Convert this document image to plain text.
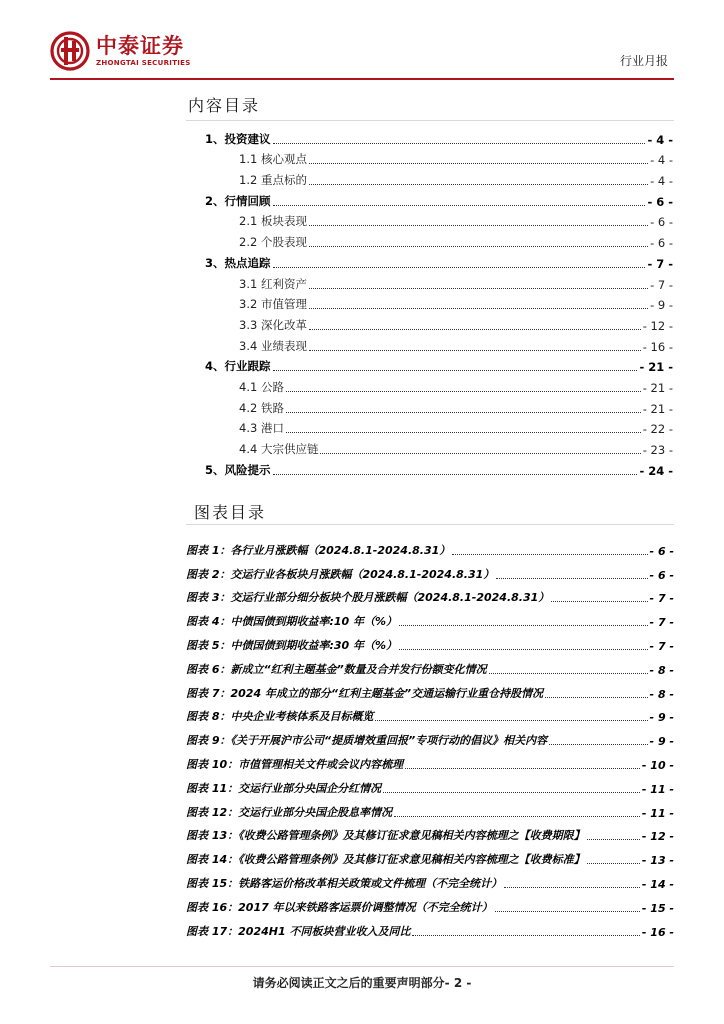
中泰证券
ZHONGTAI SECURITIES	行业月报
内容目录
1、投资建议	- 4 -
1.1 核心观点	- 4 -
1.2 重点标的	- 4 -
2、行情回顾	- 6 -
2.1 板块表现	- 6 -
2.2 个股表现	- 6 -
3、热点追踪	- 7 -
3.1 红利资产	- 7 -
3.2 市值管理	- 9 -
3.3 深化改革	- 12 -
3.4 业绩表现	- 16 -
4、行业跟踪	- 21 -
4.1 公路	- 21 -
4.2 铁路	- 21 -
4.3 港口	- 22 -
4.4 大宗供应链	- 23 -
5、风险提示	- 24 -
图表目录
图表 1：各行业月涨跌幅（2024.8.1-2024.8.31）	- 6 -
图表 2：交运行业各板块月涨跌幅（2024.8.1-2024.8.31）	- 6 -
图表 3：交运行业部分细分板块个股月涨跌幅（2024.8.1-2024.8.31）	- 7 -
图表 4：中债国债到期收益率:10 年（%）	- 7 -
图表 5：中债国债到期收益率:30 年（%）	- 7 -
图表 6：新成立“红利主题基金”数量及合并发行份额变化情况	- 8 -
图表 7：2024 年成立的部分“红利主题基金”交通运输行业重仓持股情况	- 8 -
图表 8：中央企业考核体系及目标概览	- 9 -
图表 9：《关于开展沪市公司“提质增效重回报”专项行动的倡议》相关内容	- 9 -
图表 10：市值管理相关文件或会议内容梳理	- 10 -
图表 11：交运行业部分央国企分红情况	- 11 -
图表 12：交运行业部分央国企股息率情况	- 11 -
图表 13：《收费公路管理条例》及其修订征求意见稿相关内容梳理之【收费期限】	- 12 -
图表 14：《收费公路管理条例》及其修订征求意见稿相关内容梳理之【收费标准】	- 13 -
图表 15：铁路客运价格改革相关政策或文件梳理（不完全统计）	- 14 -
图表 16：2017 年以来铁路客运票价调整情况（不完全统计）	- 15 -
图表 17：2024H1 不同板块营业收入及同比	- 16 -
请务必阅读正文之后的重要声明部分- 2 -
